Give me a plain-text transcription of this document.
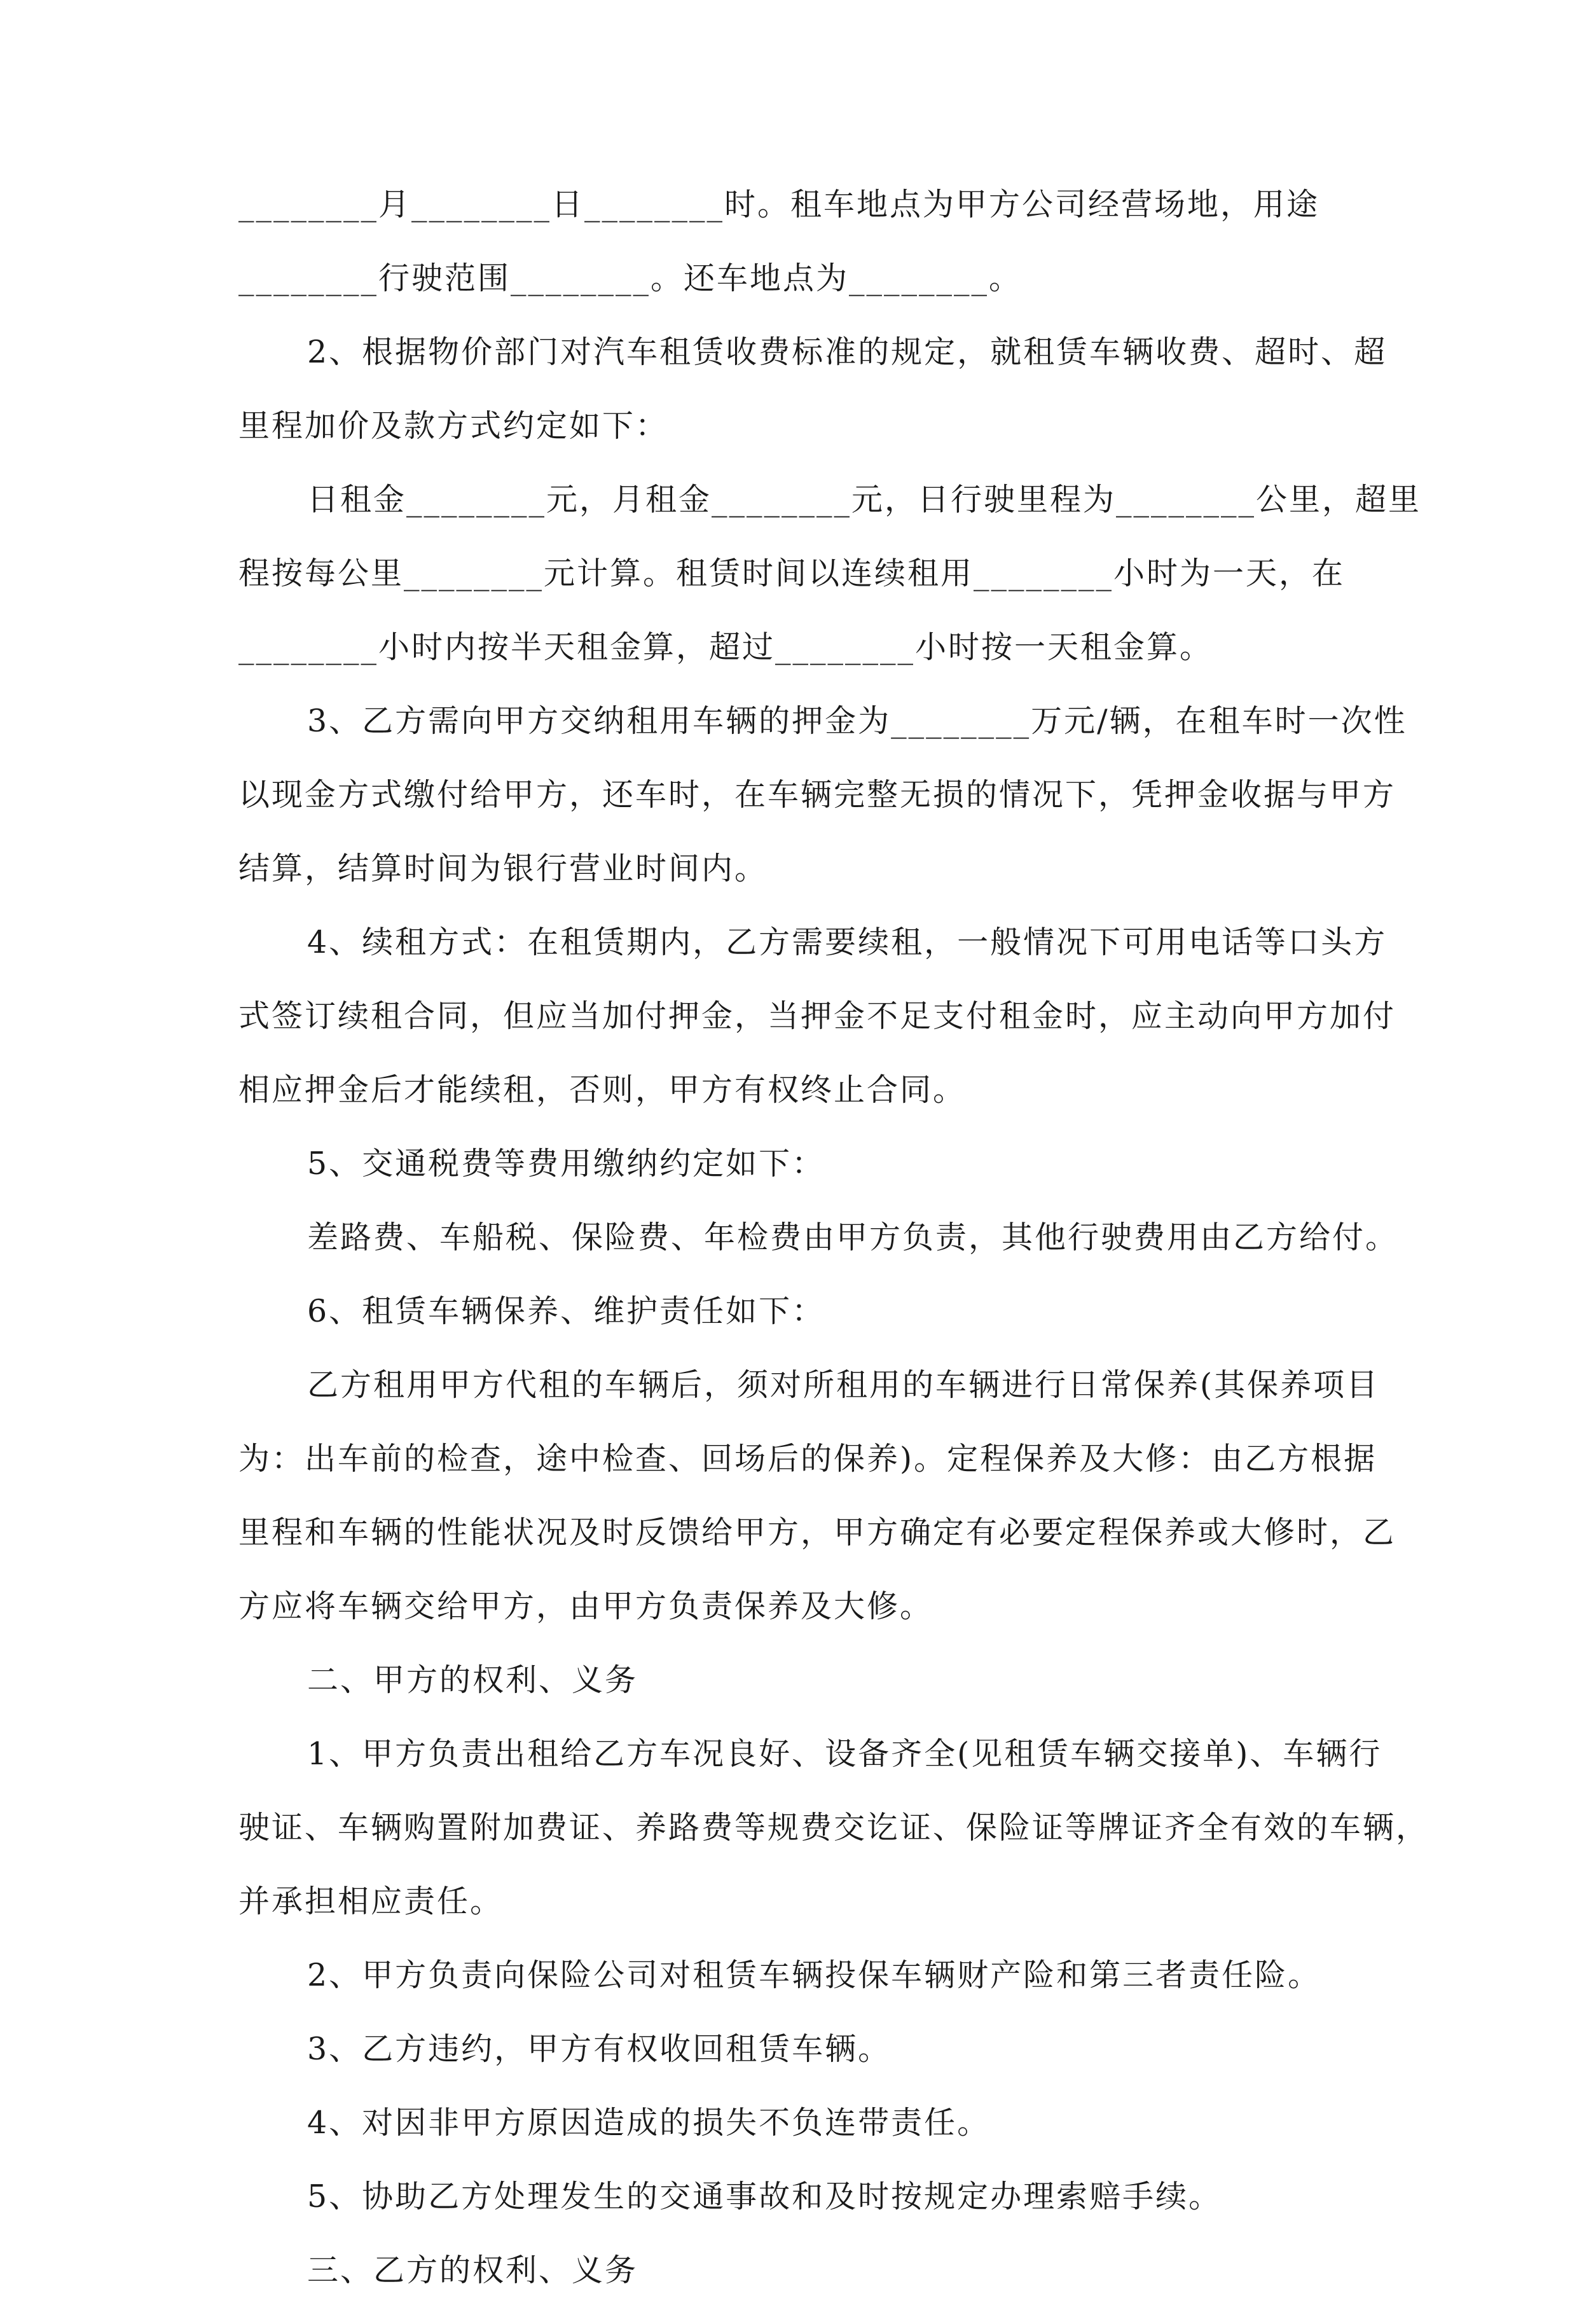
________月________日________时。租车地点为甲方公司经营场地，用途
________行驶范围________。还车地点为________。
2、根据物价部门对汽车租赁收费标准的规定，就租赁车辆收费、超时、超
里程加价及款方式约定如下：
日租金________元，月租金________元，日行驶里程为________公里，超里
程按每公里________元计算。租赁时间以连续租用________小时为一天，在
________小时内按半天租金算，超过________小时按一天租金算。
3、乙方需向甲方交纳租用车辆的押金为________万元/辆，在租车时一次性
以现金方式缴付给甲方，还车时，在车辆完整无损的情况下，凭押金收据与甲方
结算，结算时间为银行营业时间内。
4、续租方式：在租赁期内，乙方需要续租，一般情况下可用电话等口头方
式签订续租合同，但应当加付押金，当押金不足支付租金时，应主动向甲方加付
相应押金后才能续租，否则，甲方有权终止合同。
5、交通税费等费用缴纳约定如下：
差路费、车船税、保险费、年检费由甲方负责，其他行驶费用由乙方给付。
6、租赁车辆保养、维护责任如下：
乙方租用甲方代租的车辆后，须对所租用的车辆进行日常保养(其保养项目
为：出车前的检查，途中检查、回场后的保养)。定程保养及大修：由乙方根据
里程和车辆的性能状况及时反馈给甲方，甲方确定有必要定程保养或大修时，乙
方应将车辆交给甲方，由甲方负责保养及大修。
二、甲方的权利、义务
1、甲方负责出租给乙方车况良好、设备齐全(见租赁车辆交接单)、车辆行
驶证、车辆购置附加费证、养路费等规费交讫证、保险证等牌证齐全有效的车辆，
并承担相应责任。
2、甲方负责向保险公司对租赁车辆投保车辆财产险和第三者责任险。
3、乙方违约，甲方有权收回租赁车辆。
4、对因非甲方原因造成的损失不负连带责任。
5、协助乙方处理发生的交通事故和及时按规定办理索赔手续。
三、乙方的权利、义务
